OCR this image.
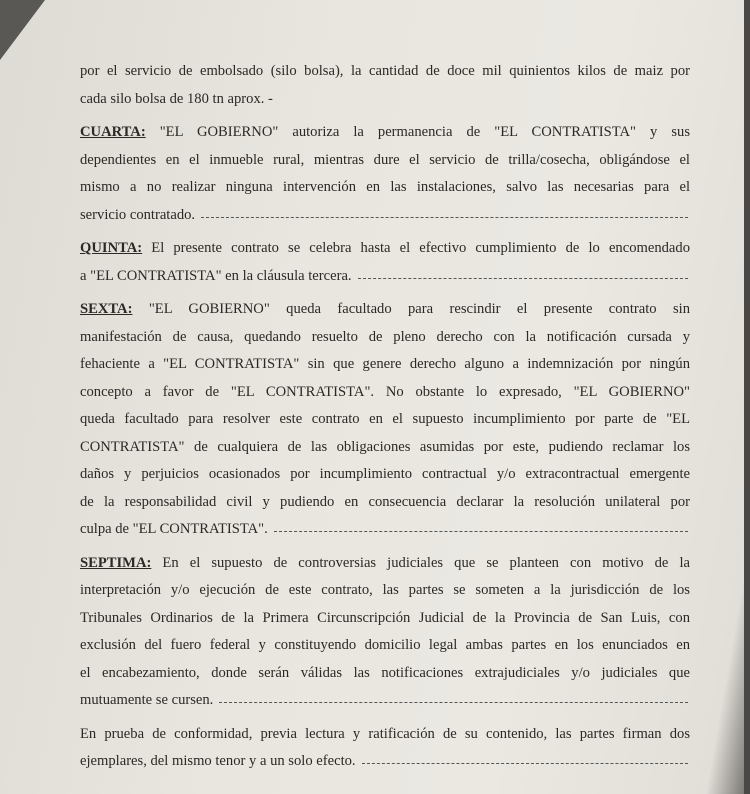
por el servicio de embolsado (silo bolsa), la cantidad de doce mil quinientos kilos de maiz por
cada silo bolsa de 180 tn aprox. -
CUARTA: "EL GOBIERNO" autoriza la permanencia de "EL CONTRATISTA" y sus
dependientes en el inmueble rural, mientras dure el servicio de trilla/cosecha, obligándose el
mismo a no realizar ninguna intervención en las instalaciones, salvo las necesarias para el
servicio contratado.
QUINTA: El presente contrato se celebra hasta el efectivo cumplimiento de lo encomendado
a "EL CONTRATISTA" en la cláusula tercera.
SEXTA: "EL GOBIERNO" queda facultado para rescindir el presente contrato sin
manifestación de causa, quedando resuelto de pleno derecho con la notificación cursada y
fehaciente a "EL CONTRATISTA" sin que genere derecho alguno a indemnización por ningún
concepto a favor de "EL CONTRATISTA". No obstante lo expresado, "EL GOBIERNO"
queda facultado para resolver este contrato en el supuesto incumplimiento por parte de "EL
CONTRATISTA" de cualquiera de las obligaciones asumidas por este, pudiendo reclamar los
daños y perjuicios ocasionados por incumplimiento contractual y/o extracontractual emergente
de la responsabilidad civil y pudiendo en consecuencia declarar la resolución unilateral por
culpa de "EL CONTRATISTA".
SEPTIMA: En el supuesto de controversias judiciales que se planteen con motivo de la
interpretación y/o ejecución de este contrato, las partes se someten a la jurisdicción de los
Tribunales Ordinarios de la Primera Circunscripción Judicial de la Provincia de San Luis, con
exclusión del fuero federal y constituyendo domicilio legal ambas partes en los enunciados en
el encabezamiento, donde serán válidas las notificaciones extrajudiciales y/o judiciales que
mutuamente se cursen.
En prueba de conformidad, previa lectura y ratificación de su contenido, las partes firman dos
ejemplares, del mismo tenor y a un solo efecto.
